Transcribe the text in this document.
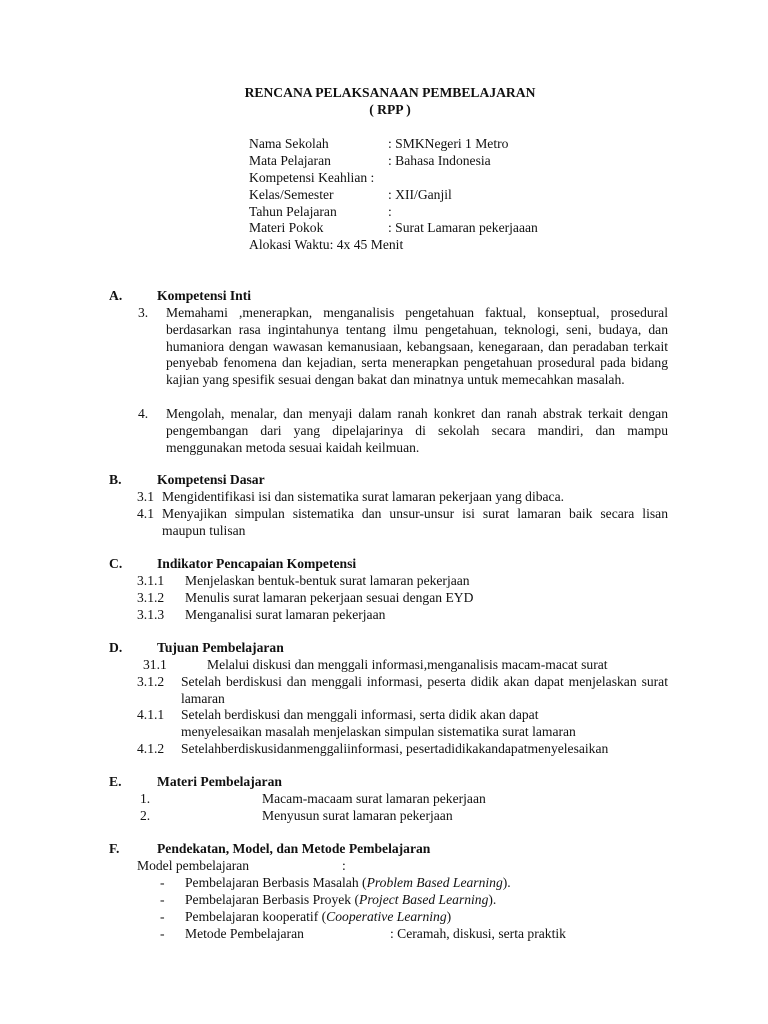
RENCANA PELAKSANAAN PEMBELAJARAN
( RPP )
Nama Sekolah	: SMKNegeri 1 Metro
Mata Pelajaran	: Bahasa Indonesia
Kompetensi Keahlian :
Kelas/Semester	: XII/Ganjil
Tahun Pelajaran	:
Materi Pokok	: Surat Lamaran pekerjaaan
Alokasi Waktu: 4x 45 Menit
A.	Kompetensi Inti
3. Memahami ,menerapkan, menganalisis pengetahuan faktual, konseptual, prosedural berdasarkan rasa ingintahunya tentang ilmu pengetahuan, teknologi, seni, budaya, dan humaniora dengan wawasan kemanusiaan, kebangsaan, kenegaraan, dan peradaban terkait penyebab fenomena dan kejadian, serta menerapkan pengetahuan prosedural pada bidang kajian yang spesifik sesuai dengan bakat dan minatnya untuk memecahkan masalah.
4. Mengolah, menalar, dan menyaji dalam ranah konkret dan ranah abstrak terkait dengan pengembangan dari yang dipelajarinya di sekolah secara mandiri, dan mampu menggunakan metoda sesuai kaidah keilmuan.
B.	Kompetensi Dasar
3.1 Mengidentifikasi isi dan sistematika surat lamaran pekerjaan yang dibaca.
4.1 Menyajikan simpulan sistematika dan unsur-unsur isi surat lamaran baik secara lisan maupun tulisan
C.	Indikator Pencapaian Kompetensi
3.1.1 Menjelaskan bentuk-bentuk surat lamaran pekerjaan
3.1.2 Menulis surat lamaran pekerjaan sesuai dengan EYD
3.1.3 Menganalisi surat lamaran pekerjaan
D.	Tujuan Pembelajaran
31.1	Melalui diskusi dan menggali informasi,menganalisis macam-macat surat
3.1.2 Setelah berdiskusi dan menggali informasi, peserta didik akan dapat menjelaskan surat lamaran
4.1.1 Setelah berdiskusi dan menggali informasi, serta didik akan dapat
menyelesaikan masalah menjelaskan simpulan sistematika surat lamaran
4.1.2 Setelahberdiskusidanmenggaliinformasi, pesertadidikakandapatmenyelesaikan
E.	Materi Pembelajaran
1.	Macam-macaam surat lamaran pekerjaan
2.	Menyusun surat lamaran pekerjaan
F.	Pendekatan, Model, dan Metode Pembelajaran
Model pembelajaran	:
- Pembelajaran Berbasis Masalah (Problem Based Learning).
- Pembelajaran Berbasis Proyek (Project Based Learning).
- Pembelajaran kooperatif (Cooperative Learning)
- Metode Pembelajaran	: Ceramah, diskusi, serta praktik
